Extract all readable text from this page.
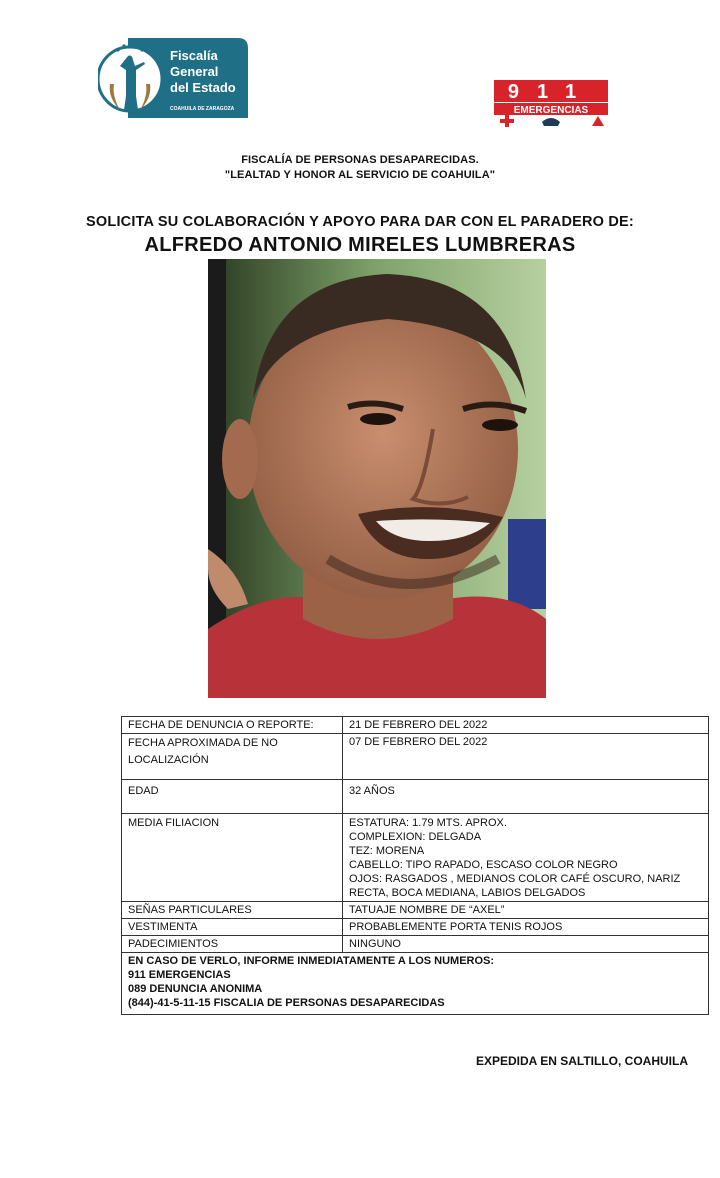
Fiscalía
General
del Estado
COAHUILA DE ZARAGOZA
911
EMERGENCIAS
FISCALÍA DE PERSONAS DESAPARECIDAS.
"LEALTAD Y HONOR AL SERVICIO DE COAHUILA"
SOLICITA SU COLABORACIÓN Y APOYO PARA DAR CON EL PARADERO DE:
ALFREDO ANTONIO MIRELES LUMBRERAS
FECHA DE DENUNCIA O REPORTE:	21 DE FEBRERO DEL 2022
FECHA APROXIMADA DE NO LOCALIZACIÓN	07 DE FEBRERO DEL 2022
EDAD	32 AÑOS
MEDIA FILIACION	ESTATURA: 1.79 MTS. APROX.
COMPLEXION: DELGADA
TEZ: MORENA
CABELLO: TIPO RAPADO, ESCASO COLOR NEGRO
OJOS: RASGADOS , MEDIANOS COLOR CAFÉ OSCURO, NARIZ RECTA, BOCA MEDIANA, LABIOS DELGADOS

SEÑAS PARTICULARES	TATUAJE NOMBRE DE “AXEL”
VESTIMENTA	PROBABLEMENTE PORTA TENIS ROJOS
PADECIMIENTOS	NINGUNO

EN CASO DE VERLO, INFORME INMEDIATAMENTE A LOS NUMEROS:
911 EMERGENCIAS
089 DENUNCIA ANONIMA
(844)-41-5-11-15 FISCALIA DE PERSONAS DESAPARECIDAS	
EXPEDIDA EN SALTILLO, COAHUILA
